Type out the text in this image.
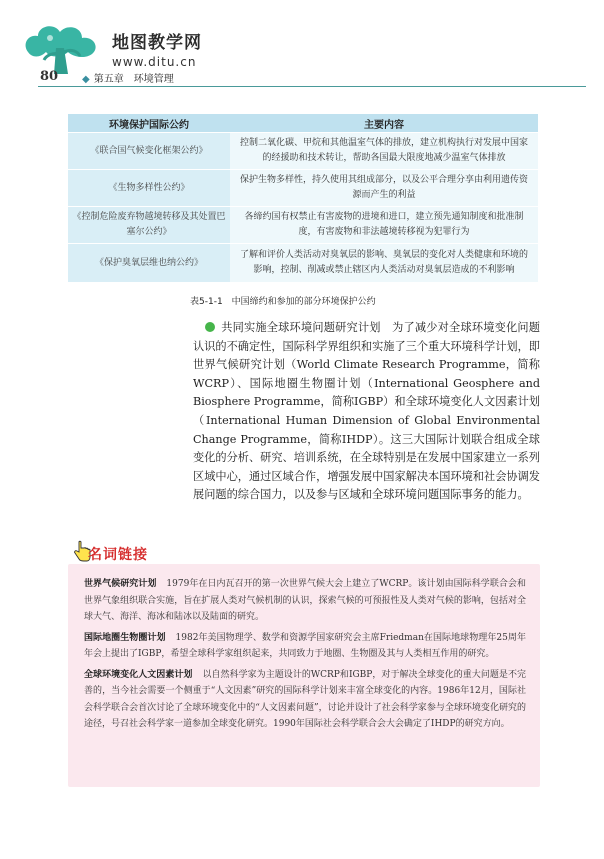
地图教学网
www.ditu.cn
80 ◆ 第五章　环境管理
环境保护国际公约	主要内容
《联合国气候变化框架公约》	控制二氧化碳、甲烷和其他温室气体的排放，建立机构执行对发展中国家的经援助和技术转让，帮助各国最大限度地减少温室气体排放
《生物多样性公约》	保护生物多样性，持久使用其组成部分，以及公平合理分享由利用遗传资源而产生的利益
《控制危险废弃物越境转移及其处置巴塞尔公约》	各缔约国有权禁止有害废物的进境和进口，建立预先通知制度和批准制度，有害废物和非法越境转移视为犯罪行为
《保护臭氧层维也纳公约》	了解和评价人类活动对臭氧层的影响、臭氧层的变化对人类健康和环境的影响，控制、削减或禁止辖区内人类活动对臭氧层造成的不利影响
表5-1-1　中国缔约和参加的部分环境保护公约
共同实施全球环境问题研究计划　为了减少对全球环境变化问题认识的不确定性，国际科学界组织和实施了三个重大环境科学计划，即世界气候研究计划（World Climate Research Programme，简称WCRP）、国际地圈生物圈计划（International Geosphere and Biosphere Programme，简称IGBP）和全球环境变化人文因素计划（International Human Dimension of Global Environmental Change Programme，简称IHDP）。这三大国际计划联合组成全球变化的分析、研究、培训系统，在全球特别是在发展中国家建立一系列区域中心，通过区域合作，增强发展中国家解决本国环境和社会协调发展问题的综合国力，以及参与区域和全球环境问题国际事务的能力。
名词链接

世界气候研究计划 1979年在日内瓦召开的第一次世界气候大会上建立了WCRP。该计划由国际科学联合会和世界气象组织联合实施，旨在扩展人类对气候机制的认识，探索气候的可预报性及人类对气候的影响，包括对全球大气、海洋、海冰和陆冰以及陆面的研究。

国际地圈生物圈计划 1982年美国物理学、数学和资源学国家研究会主席Friedman在国际地球物理年25周年年会上提出了IGBP，希望全球科学家组织起来，共同致力于地圈、生物圈及其与人类相互作用的研究。

全球环境变化人文因素计划 以自然科学家为主题设计的WCRP和IGBP，对于解决全球变化的重大问题是不完善的，当今社会需要一个侧重于“人文因素”研究的国际科学计划来丰富全球变化的内容。1986年12月，国际社会科学联合会首次讨论了全球环境变化中的“人文因素问题”，讨论并设计了社会科学家参与全球环境变化研究的途径，号召社会科学家一道参加全球变化研究。1990年国际社会科学联合会大会确定了IHDP的研究方向。
